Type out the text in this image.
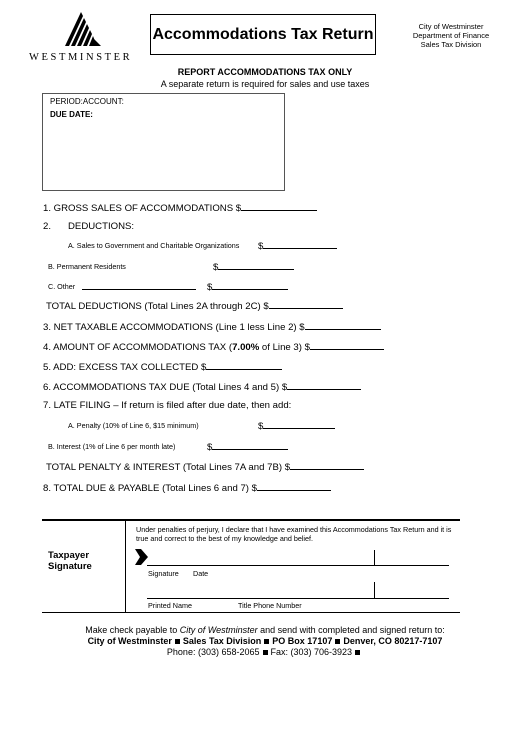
WESTMINSTER
Accommodations Tax Return	City of Westminster
Department of Finance
Sales Tax Division
REPORT ACCOMMODATIONS TAX ONLY
A separate return is required for sales and use taxes
PERIOD:ACCOUNT:
DUE DATE:
1. GROSS SALES OF ACCOMMODATIONS $
2. DEDUCTIONS:
A. Sales to Government and Charitable Organizations $
B. Permanent Residents	$
C. Other	$
TOTAL DEDUCTIONS (Total Lines 2A through 2C) $
3. NET TAXABLE ACCOMMODATIONS (Line 1 less Line 2) $
4. AMOUNT OF ACCOMMODATIONS TAX (7.00% of Line 3) $
5. ADD: EXCESS TAX COLLECTED $
6. ACCOMMODATIONS TAX DUE (Total Lines 4 and 5) $
7. LATE FILING – If return is filed after due date, then add:
A. Penalty (10% of Line 6, $15 minimum)	$
B. Interest (1% of Line 6 per month late)	$
TOTAL PENALTY & INTEREST (Total Lines 7A and 7B) $
8. TOTAL DUE & PAYABLE (Total Lines 6 and 7) $
Under penalties of perjury, I declare that I have examined this Accommodations Tax Return and it is true and correct to the best of my knowledge and belief.
Taxpayer
Signature
Signature Date
Printed Name	Title Phone Number
Make check payable to City of Westminster and send with completed and signed return to:
City of Westminster Sales Tax Division PO Box 17107 Denver, CO 80217-7107
Phone: (303) 658-2065 Fax: (303) 706-3923
